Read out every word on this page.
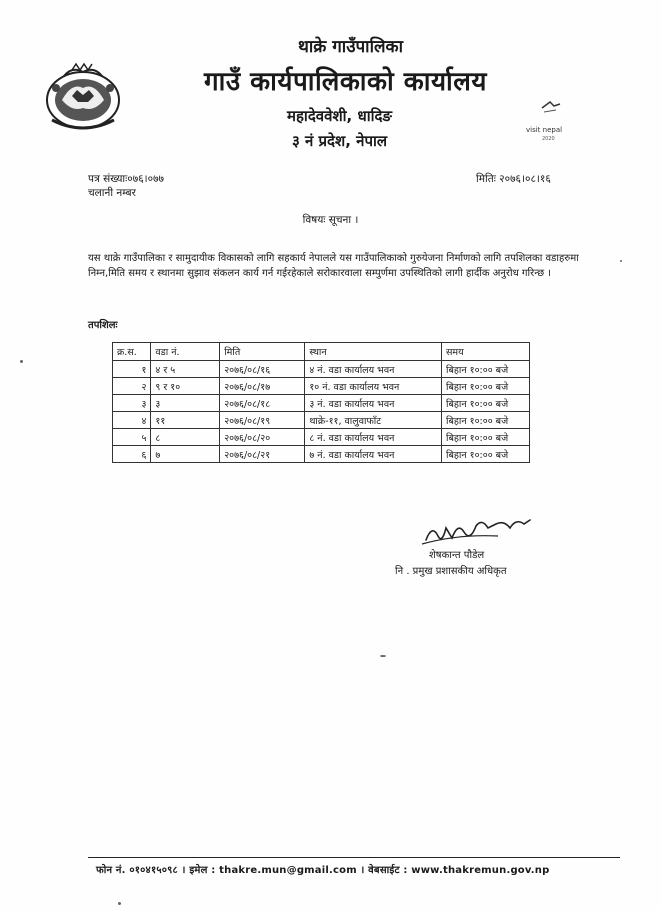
थाक्रे गाउँपालिका
गाउँ कार्यपालिकाको कार्यालय
महादेववेशी, धादिङ
३ नं प्रदेश, नेपाल
visit nepal
2020
पत्र संख्याः०७६।०७७
चलानी नम्बर
मितिः २०७६।०८।१६
विषयः सूचना ।
यस थाक्रे गाउँपालिका र सामुदायीक विकासको लागि सहकार्य नेपालले यस गाउँपालिकाको गुरुयेजना निर्माणको लागि तपशिलका वडाहरुमा निम्न,मिति समय र स्थानमा सुझाव संकलन कार्य गर्न गईरहेकाले सरोकारवाला सम्पुर्णमा उपस्थितिको लागी हार्दीक अनुरोध गरिन्छ ।
तपशिलः
क्र.स.	वडा नं.	मिति	स्थान	समय
१	४ र ५	२०७६/०८/१६	४ नं. वडा कार्यालय भवन	बिहान १०:०० बजे
२	९ र १०	२०७६/०८/१७	१० नं. वडा कार्यालय भवन	बिहान १०:०० बजे
३	३	२०७६/०८/१८	३ नं. वडा कार्यालय भवन	बिहान १०:०० बजे
४	११	२०७६/०८/१९	थाक्रे-११, वालुवाफाँट	बिहान १०:०० बजे
५	८	२०७६/०८/२०	८ नं. वडा कार्यालय भवन	बिहान १०:०० बजे
६	७	२०७६/०८/२१	७ नं. वडा कार्यालय भवन	बिहान १०:०० बजे
शेषकान्त पौडेल
नि . प्रमुख प्रशासकीय अधिकृत
फोन नं. ०१०४१५०९८ । इमेल : thakre.mun@gmail.com । वेबसाईट : www.thakremun.gov.np
